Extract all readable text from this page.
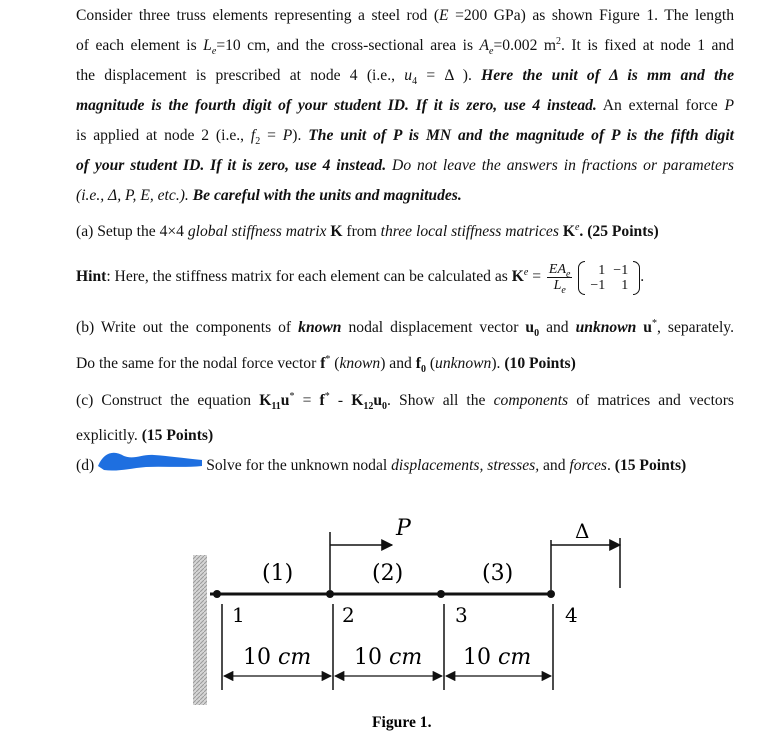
Consider three truss elements representing a steel rod (E =200 GPa) as shown Figure 1. The length
of each element is $L_e=10$ cm, and the cross-sectional area is $A_e=0.002$ $m^2$. It is fixed at node 1 and
the displacement is prescribed at node 4 (i.e., $u_4 = \Delta$ ). Here the unit of Δ is mm and the
magnitude is the fourth digit of your student ID. If it is zero, use 4 instead. An external force P
is applied at node 2 (i.e., $f_2 = P$). The unit of P is MN and the magnitude of P is the fifth digit
of your student ID. If it is zero, use 4 instead. Do not leave the answers in fractions or parameters
(i.e., Δ, P, E, etc.). Be careful with the units and magnitudes.
(a) Setup the 4×4 global stiffness matrix K from three local stiffness matrices $K^e$. (25 Points)
Hint: Here, the stiffness matrix for each element can be calculated as $K^e = \frac{EA_e}{L_e}$
1	−1
−1	1 .
(b) Write out the components of known nodal displacement vector $u_0$ and unknown u*, separately.
Do the same for the nodal force vector f* (known) and $f_0$ (unknown). (10 Points)
(c) Construct the equation $K_{11}u^* = f^* - K_{12}u_0$. Show all the components of matrices and vectors
explicitly. (15 Points)
(d)	Solve for the unknown nodal displacements, stresses, and forces. (15 Points)
P	Δ
(1)	(2)	(3)
1	2	3	4
10 cm 10 cm 10 cm
Figure 1.
